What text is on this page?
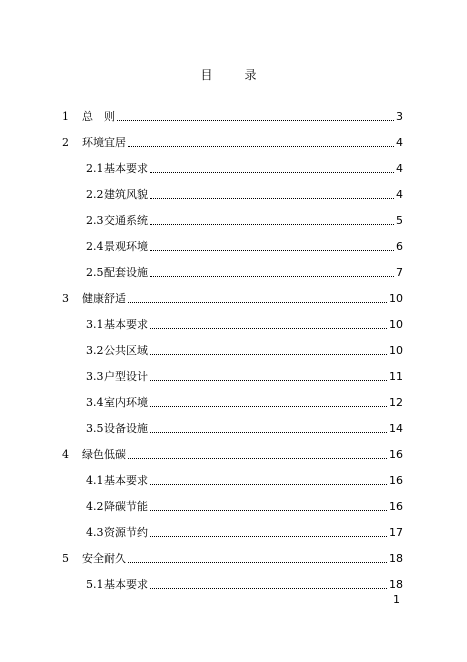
目　录
1	总　则	3
2	环境宜居	4
2.1 基本要求	4
2.2 建筑风貌	4
2.3 交通系统	5
2.4 景观环境	6
2.5 配套设施	7
3	健康舒适	10
3.1 基本要求	10
3.2 公共区域	10
3.3 户型设计	11
3.4 室内环境	12
3.5 设备设施	14
4	绿色低碳	16
4.1 基本要求	16
4.2 降碳节能	16
4.3 资源节约	17
5	安全耐久	18
5.1 基本要求	18
1
